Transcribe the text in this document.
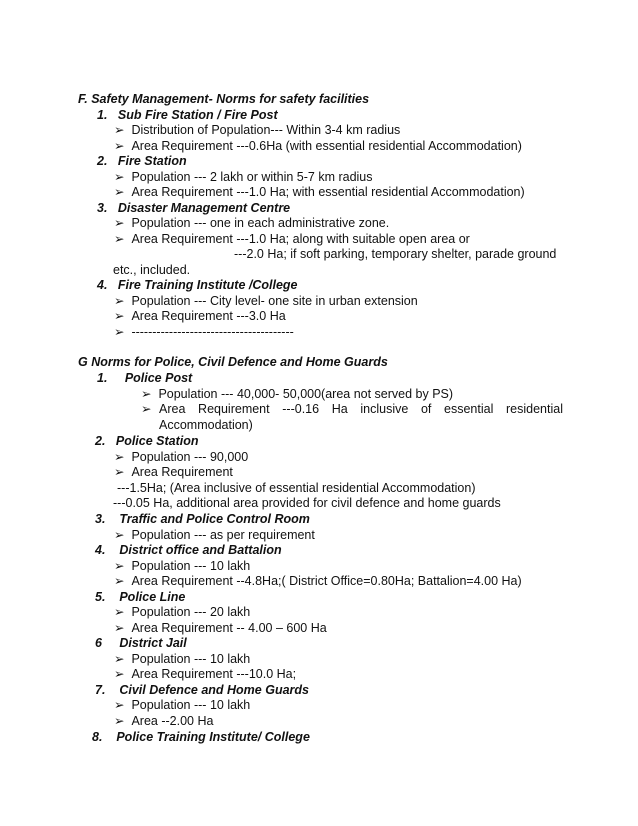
F. Safety Management- Norms for safety facilities
1. Sub Fire Station / Fire Post
➢ Distribution of Population--- Within 3-4 km radius
➢ Area Requirement ---0.6Ha (with essential residential Accommodation)
2. Fire Station
➢ Population --- 2 lakh or within 5-7 km radius
➢ Area Requirement ---1.0 Ha; with essential residential Accommodation)
3. Disaster Management Centre
➢ Population --- one in each administrative zone.
➢ Area Requirement ---1.0 Ha; along with suitable open area or
---2.0 Ha; if soft parking, temporary shelter, parade ground
etc., included.
4. Fire Training Institute /College
➢ Population --- City level- one site in urban extension
➢ Area Requirement ---3.0 Ha
➢ ---------------------------------------
G Norms for Police, Civil Defence and Home Guards
1. Police Post
➢ Population --- 40,000- 50,000(area not served by PS)
➢ Area Requirement ---0.16 Ha inclusive of essential residential
Accommodation)
2. Police Station
➢ Population --- 90,000
➢ Area Requirement
---1.5Ha; (Area inclusive of essential residential Accommodation)
---0.05 Ha, additional area provided for civil defence and home guards
3. Traffic and Police Control Room
➢ Population --- as per requirement
4. District office and Battalion
➢ Population --- 10 lakh
➢ Area Requirement --4.8Ha;( District Office=0.80Ha; Battalion=4.00 Ha)
5. Police Line
➢ Population --- 20 lakh
➢ Area Requirement -- 4.00 – 600 Ha
6 District Jail
➢ Population --- 10 lakh
➢ Area Requirement ---10.0 Ha;
7. Civil Defence and Home Guards
➢ Population --- 10 lakh
➢ Area --2.00 Ha
8. Police Training Institute/ College
